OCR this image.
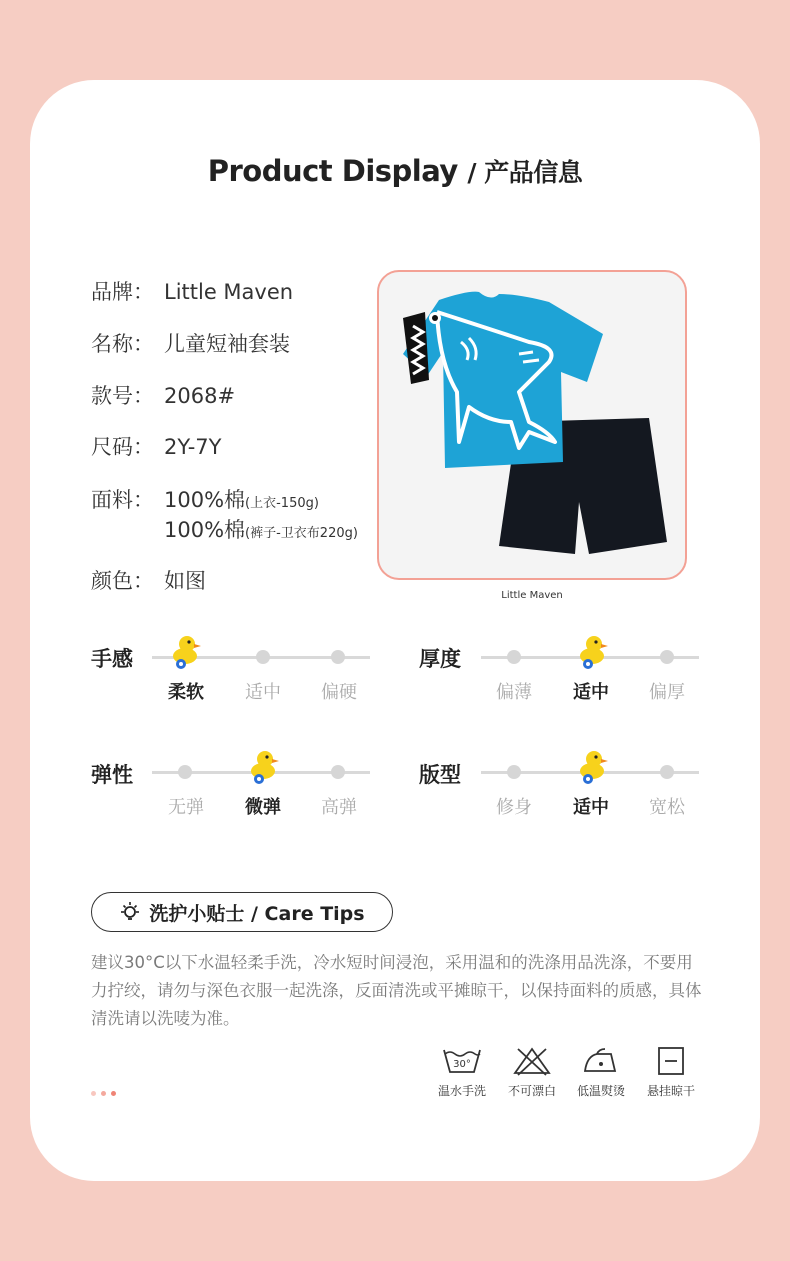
Product Display / 产品信息
品牌： Little Maven
名称： 儿童短袖套装
款号： 2068#
尺码： 2Y-7Y
面料： 100%棉(上衣-150g)
100%棉(裤子-卫衣布220g)
颜色： 如图
Little Maven
手感
柔软	适中	偏硬
厚度
偏薄	适中	偏厚
弹性
无弹	微弹	高弹
版型
修身	适中	宽松
洗护小贴士 / Care Tips
建议30°C以下水温轻柔手洗，冷水短时间浸泡，采用温和的洗涤用品洗涤，不要用力拧绞，请勿与深色衣服一起洗涤，反面清洗或平摊晾干，以保持面料的质感，具体清洗请以洗唛为准。
30°
温水手洗	不可漂白	低温熨烫	悬挂晾干
